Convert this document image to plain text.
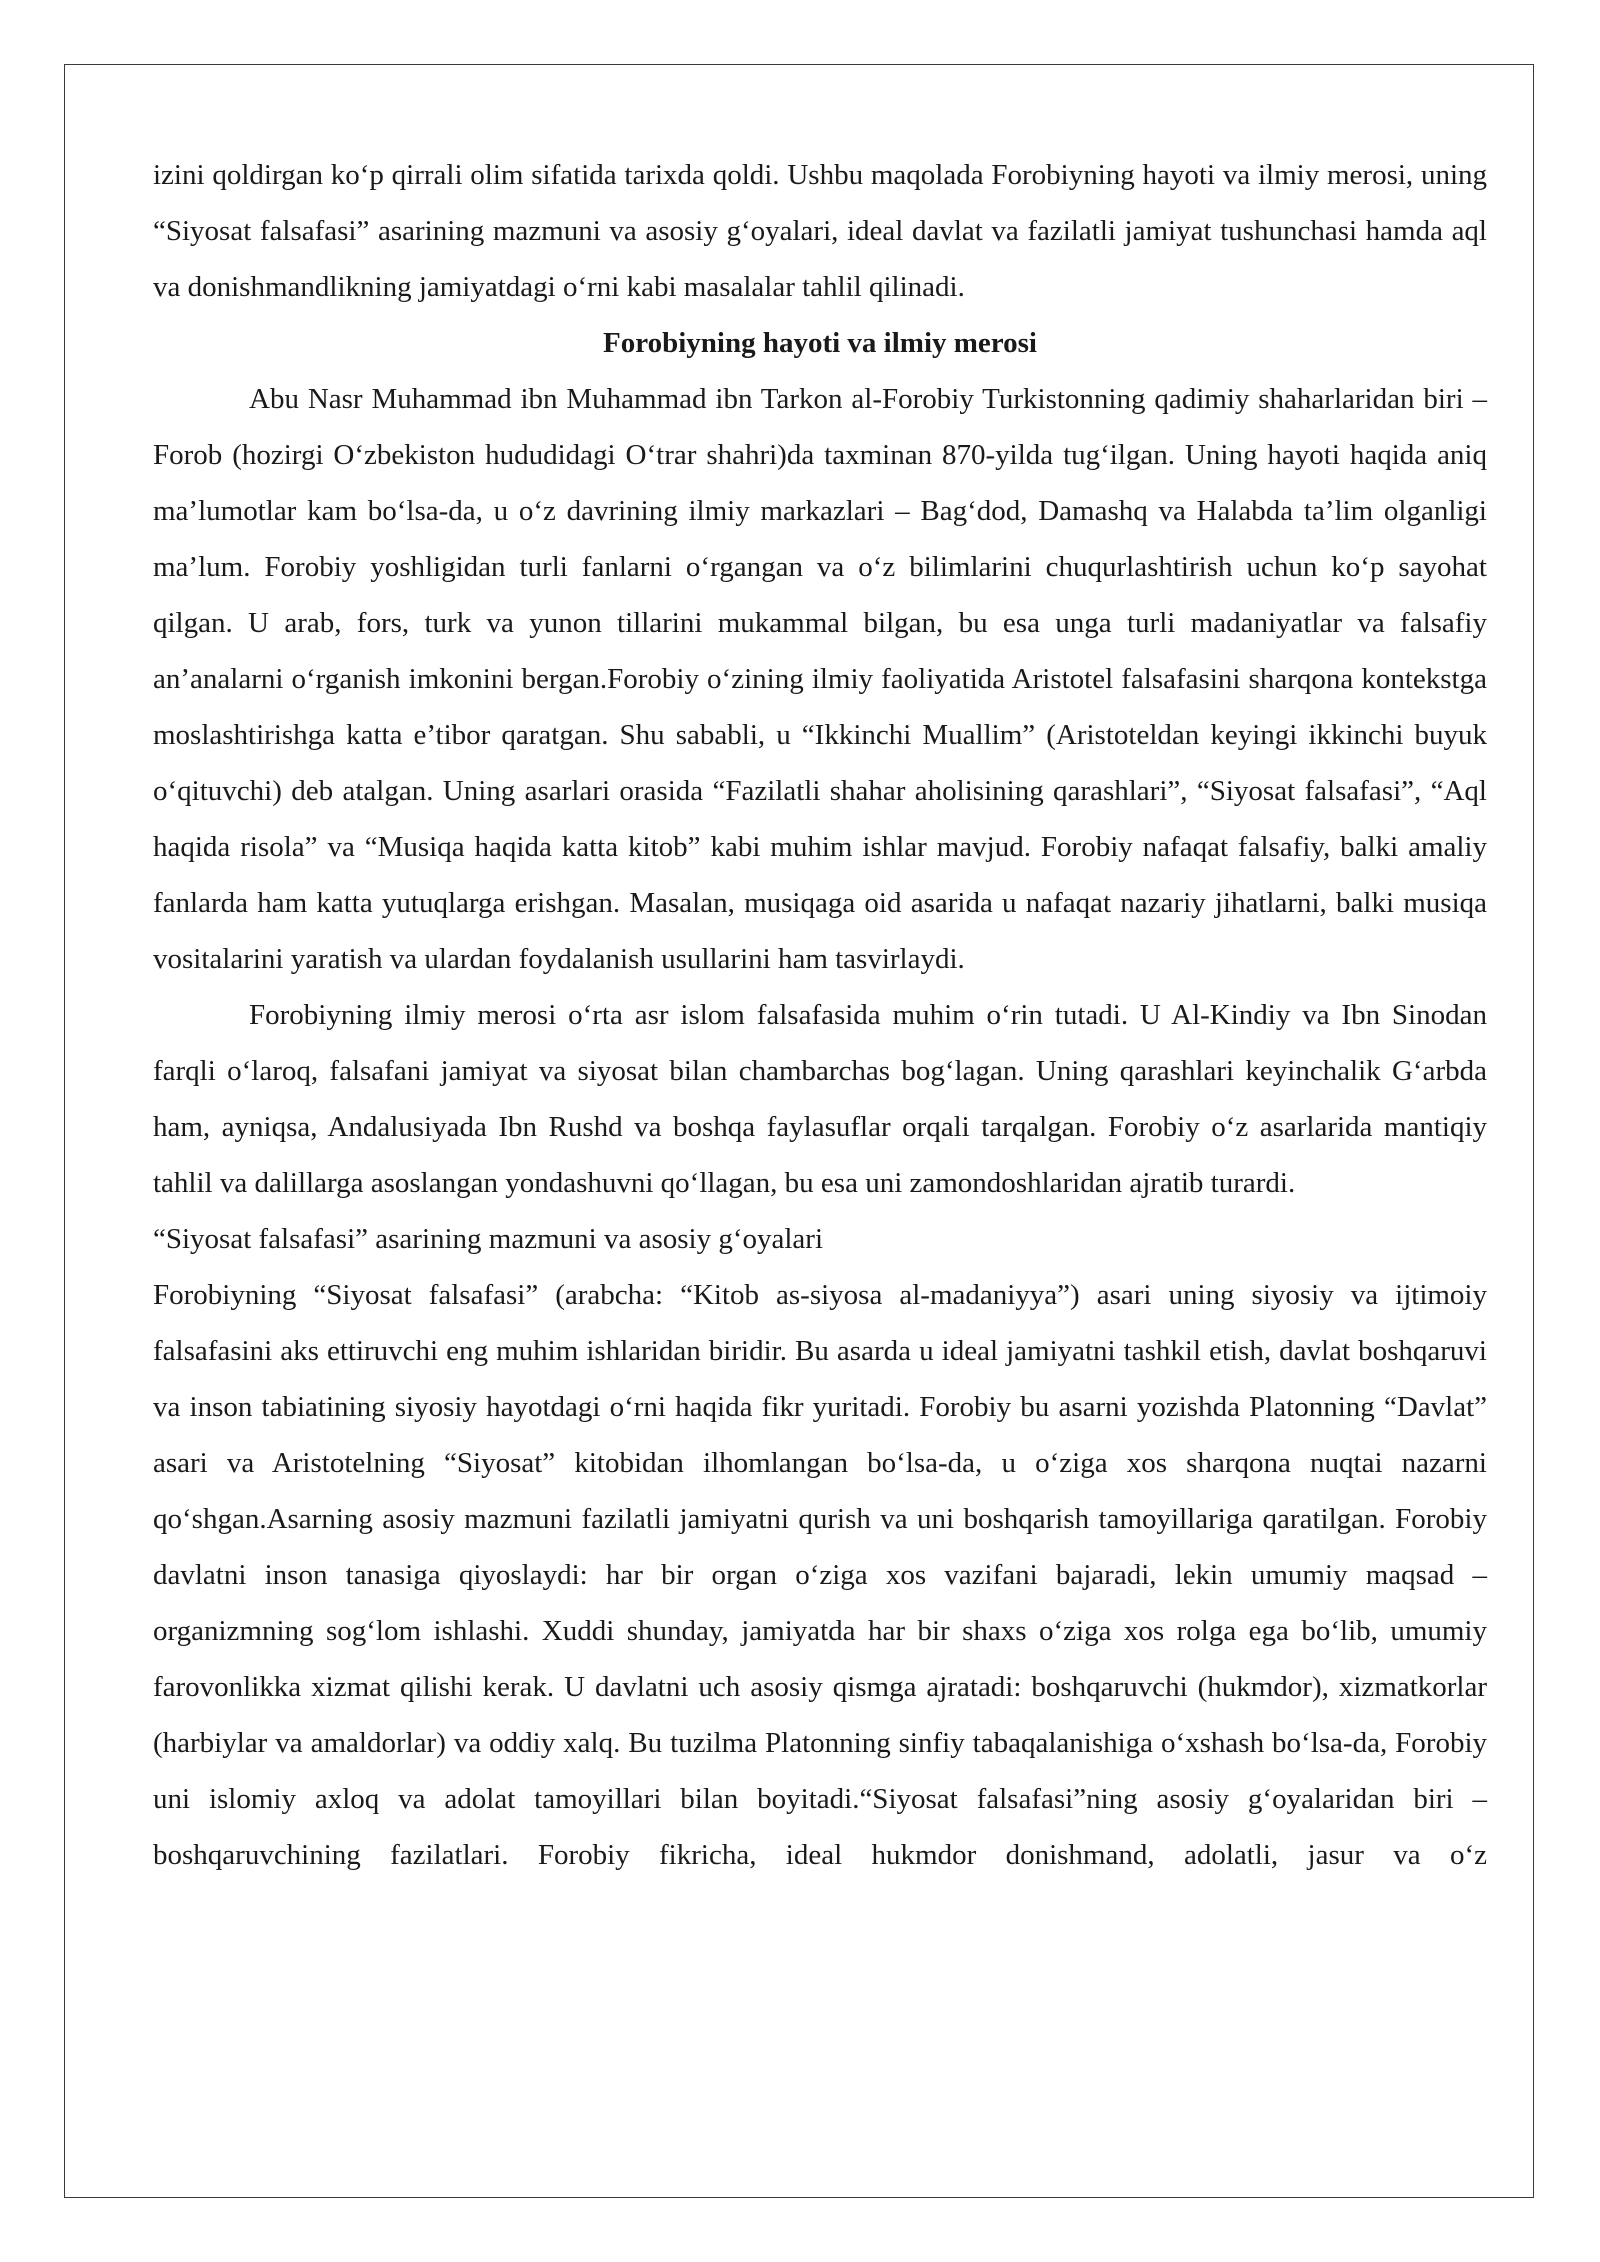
izini qoldirgan ko‘p qirrali olim sifatida tarixda qoldi. Ushbu maqolada Forobiyning hayoti va ilmiy merosi, uning “Siyosat falsafasi” asarining mazmuni va asosiy g‘oyalari, ideal davlat va fazilatli jamiyat tushunchasi hamda aql va donishmandlikning jamiyatdagi o‘rni kabi masalalar tahlil qilinadi.

Forobiyning hayoti va ilmiy merosi

Abu Nasr Muhammad ibn Muhammad ibn Tarkon al-Forobiy Turkistonning qadimiy shaharlaridan biri – Forob (hozirgi O‘zbekiston hududidagi O‘trar shahri)da taxminan 870-yilda tug‘ilgan. Uning hayoti haqida aniq ma’lumotlar kam bo‘lsa-da, u o‘z davrining ilmiy markazlari – Bag‘dod, Damashq va Halabda ta’lim olganligi ma’lum. Forobiy yoshligidan turli fanlarni o‘rgangan va o‘z bilimlarini chuqurlashtirish uchun ko‘p sayohat qilgan. U arab, fors, turk va yunon tillarini mukammal bilgan, bu esa unga turli madaniyatlar va falsafiy an’analarni o‘rganish imkonini bergan.Forobiy o‘zining ilmiy faoliyatida Aristotel falsafasini sharqona kontekstga moslashtirishga katta e’tibor qaratgan. Shu sababli, u “Ikkinchi Muallim” (Aristoteldan keyingi ikkinchi buyuk o‘qituvchi) deb atalgan. Uning asarlari orasida “Fazilatli shahar aholisining qarashlari”, “Siyosat falsafasi”, “Aql haqida risola” va “Musiqa haqida katta kitob” kabi muhim ishlar mavjud. Forobiy nafaqat falsafiy, balki amaliy fanlarda ham katta yutuqlarga erishgan. Masalan, musiqaga oid asarida u nafaqat nazariy jihatlarni, balki musiqa vositalarini yaratish va ulardan foydalanish usullarini ham tasvirlaydi.

Forobiyning ilmiy merosi o‘rta asr islom falsafasida muhim o‘rin tutadi. U Al-Kindiy va Ibn Sinodan farqli o‘laroq, falsafani jamiyat va siyosat bilan chambarchas bog‘lagan. Uning qarashlari keyinchalik G‘arbda ham, ayniqsa, Andalusiyada Ibn Rushd va boshqa faylasuflar orqali tarqalgan. Forobiy o‘z asarlarida mantiqiy tahlil va dalillarga asoslangan yondashuvni qo‘llagan, bu esa uni zamondoshlaridan ajratib turardi.

“Siyosat falsafasi” asarining mazmuni va asosiy g‘oyalari

Forobiyning “Siyosat falsafasi” (arabcha: “Kitob as-siyosa al-madaniyya”) asari uning siyosiy va ijtimoiy falsafasini aks ettiruvchi eng muhim ishlaridan biridir. Bu asarda u ideal jamiyatni tashkil etish, davlat boshqaruvi va inson tabiatining siyosiy hayotdagi o‘rni haqida fikr yuritadi. Forobiy bu asarni yozishda Platonning “Davlat” asari va Aristotelning “Siyosat” kitobidan ilhomlangan bo‘lsa-da, u o‘ziga xos sharqona nuqtai nazarni qo‘shgan.Asarning asosiy mazmuni fazilatli jamiyatni qurish va uni boshqarish tamoyillariga qaratilgan. Forobiy davlatni inson tanasiga qiyoslaydi: har bir organ o‘ziga xos vazifani bajaradi, lekin umumiy maqsad – organizmning sog‘lom ishlashi. Xuddi shunday, jamiyatda har bir shaxs o‘ziga xos rolga ega bo‘lib, umumiy farovonlikka xizmat qilishi kerak. U davlatni uch asosiy qismga ajratadi: boshqaruvchi (hukmdor), xizmatkorlar (harbiylar va amaldorlar) va oddiy xalq. Bu tuzilma Platonning sinfiy tabaqalanishiga o‘xshash bo‘lsa-da, Forobiy uni islomiy axloq va adolat tamoyillari bilan boyitadi.“Siyosat falsafasi”ning asosiy g‘oyalaridan biri – boshqaruvchining fazilatlari. Forobiy fikricha, ideal hukmdor donishmand, adolatli, jasur va o‘z
